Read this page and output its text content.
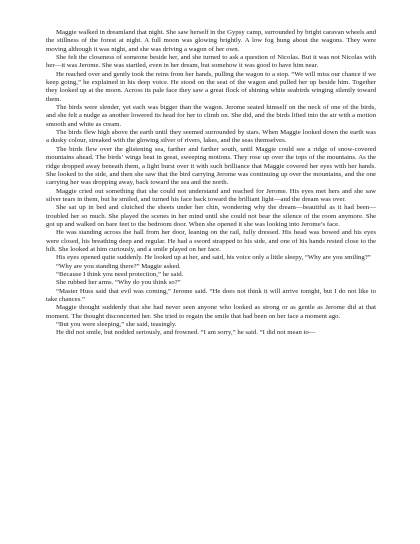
Maggie walked in dreamland that night. She saw herself in the Gypsy camp, surrounded by bright caravan wheels and the stillness of the forest at night. A full moon was glowing brightly. A low fog hung about the wagons. They were moving although it was night, and she was driving a wagon of her own.

She felt the closeness of someone beside her, and she turned to ask a question of Nicolas. But it was not Nicolas with her—it was Jerome. She was startled, even in her dream, but somehow it was good to have him near.

He reached over and gently took the reins from her hands, pulling the wagon to a stop. “We will miss our chance if we keep going,” he explained in his deep voice. He stood on the seat of the wagon and pulled her up beside him. Together they looked up at the moon. Across its pale face they saw a great flock of shining white seabirds winging silently toward them.

The birds were slender, yet each was bigger than the wagon. Jerome seated himself on the neck of one of the birds, and she felt a nudge as another lowered its head for her to climb on. She did, and the birds lifted into the air with a motion smooth and white as cream.

The birds flew high above the earth until they seemed surrounded by stars. When Maggie looked down the earth was a dusky colour, streaked with the glowing silver of rivers, lakes, and the seas themselves.

The birds flew over the glistening sea, farther and farther south, until Maggie could see a ridge of snow-covered mountains ahead. The birds’ wings beat in great, sweeping motions. They rose up over the tops of the mountains. As the ridge dropped away beneath them, a light burst over it with such brilliance that Maggie covered her eyes with her hands. She looked to the side, and then she saw that the bird carrying Jerome was continuing up over the mountains, and the one carrying her was dropping away, back toward the sea and the north.

Maggie cried out something that she could not understand and reached for Jerome. His eyes met hers and she saw silver tears in them, but he smiled, and turned his face back toward the brilliant light—and the dream was over.

She sat up in bed and clutched the sheets under her chin, wondering why the dream—beautiful as it had been—troubled her so much. She played the scenes in her mind until she could not bear the silence of the room anymore. She got up and walked on bare feet to the bedroom door. When she opened it she was looking into Jerome’s face.

He was standing across the hall from her door, leaning on the rail, fully dressed. His head was bowed and his eyes were closed, his breathing deep and regular. He had a sword strapped to his side, and one of his hands rested close to the hilt. She looked at him curiously, and a smile played on her face.

His eyes opened quite suddenly. He looked up at her, and said, his voice only a little sleepy, “Why are you smiling?”

“Why are you standing there?” Maggie asked.

“Because I think you need protection,” he said.

She rubbed her arms. “Why do you think so?”

“Master Huss said that evil was coming,” Jerome said. “He does not think it will arrive tonight, but I do not like to take chances.”

Maggie thought suddenly that she had never seen anyone who looked as strong or as gentle as Jerome did at that moment. The thought disconcerted her. She tried to regain the smile that had been on her face a moment ago.

“But you were sleeping,” she said, teasingly.

He did not smile, but nodded seriously, and frowned. “I am sorry,” he said. “I did not mean to—
